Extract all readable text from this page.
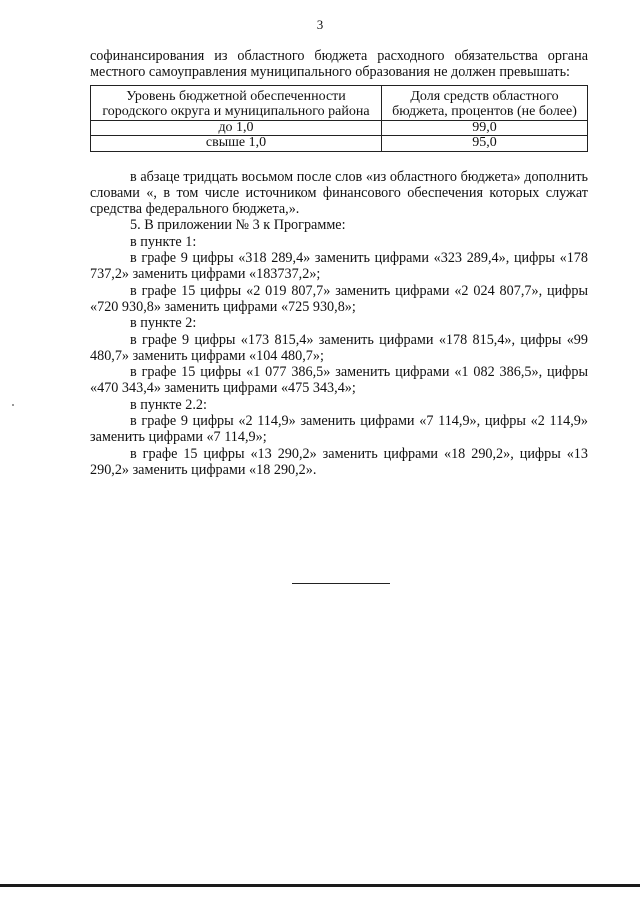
3

софинансирования из областного бюджета расходного обязательства органа местного самоуправления муниципального образования не должен превышать:

Уровень бюджетной обеспеченности городского округа и муниципального района	Доля средств областного бюджета, процентов (не более)
до 1,0	99,0
свыше 1,0	95,0

в абзаце тридцать восьмом после слов «из областного бюджета» дополнить словами «, в том числе источником финансового обеспечения которых служат средства федерального бюджета,».

5. В приложении № 3 к Программе:

в пункте 1:

в графе 9 цифры «318 289,4» заменить цифрами «323 289,4», цифры «178 737,2» заменить цифрами «183737,2»;

в графе 15 цифры «2 019 807,7» заменить цифрами «2 024 807,7», цифры «720 930,8» заменить цифрами «725 930,8»;

в пункте 2:

в графе 9 цифры «173 815,4» заменить цифрами «178 815,4», цифры «99 480,7» заменить цифрами «104 480,7»;

в графе 15 цифры «1 077 386,5» заменить цифрами «1 082 386,5», цифры «470 343,4» заменить цифрами «475 343,4»;

в пункте 2.2:

в графе 9 цифры «2 114,9» заменить цифрами «7 114,9», цифры «2 114,9» заменить цифрами «7 114,9»;

в графе 15 цифры «13 290,2» заменить цифрами «18 290,2», цифры «13 290,2» заменить цифрами «18 290,2».
